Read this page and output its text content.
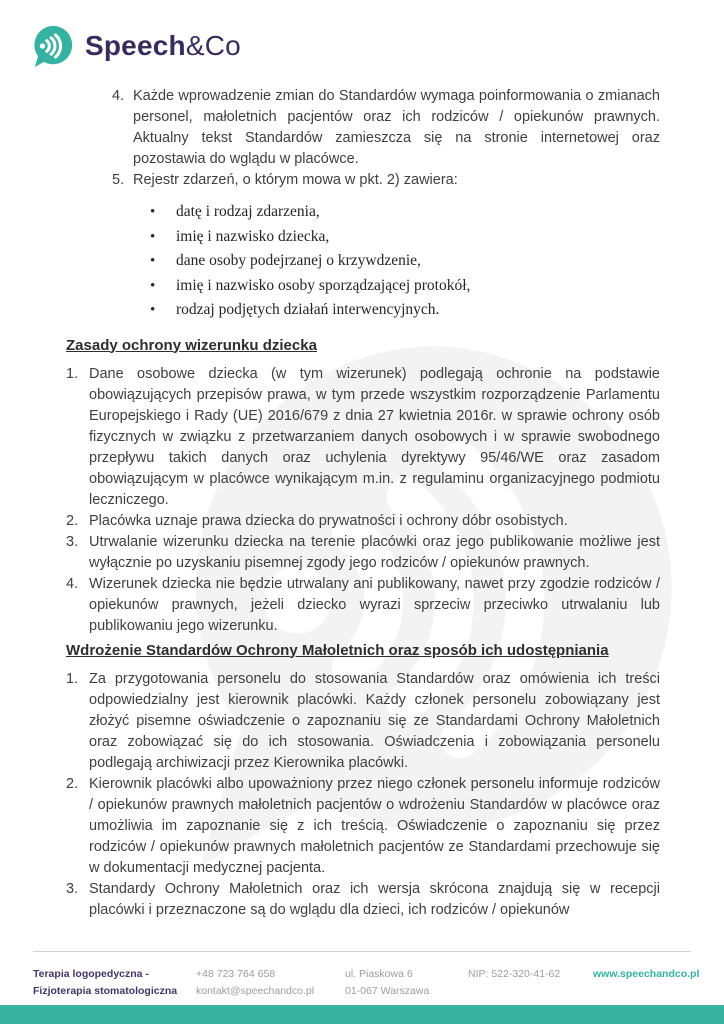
Speech&Co
4. Każde wprowadzenie zmian do Standardów wymaga poinformowania o zmianach personel, małoletnich pacjentów oraz ich rodziców / opiekunów prawnych. Aktualny tekst Standardów zamieszcza się na stronie internetowej oraz pozostawia do wglądu w placówce.
5. Rejestr zdarzeń, o którym mowa w pkt. 2) zawiera:
•
datę i rodzaj zdarzenia,
•
imię i nazwisko dziecka,
•
dane osoby podejrzanej o krzywdzenie,
•
imię i nazwisko osoby sporządzającej protokół,
•
rodzaj podjętych działań interwencyjnych.
Zasady ochrony wizerunku dziecka
1. Dane osobowe dziecka (w tym wizerunek) podlegają ochronie na podstawie obowiązujących przepisów prawa, w tym przede wszystkim rozporządzenie Parlamentu Europejskiego i Rady (UE) 2016/679 z dnia 27 kwietnia 2016r. w sprawie ochrony osób fizycznych w związku z przetwarzaniem danych osobowych i w sprawie swobodnego przepływu takich danych oraz uchylenia dyrektywy 95/46/WE oraz zasadom obowiązującym w placówce wynikającym m.in. z regulaminu organizacyjnego podmiotu leczniczego.
2. Placówka uznaje prawa dziecka do prywatności i ochrony dóbr osobistych.
3. Utrwalanie wizerunku dziecka na terenie placówki oraz jego publikowanie możliwe jest wyłącznie po uzyskaniu pisemnej zgody jego rodziców / opiekunów prawnych.
4. Wizerunek dziecka nie będzie utrwalany ani publikowany, nawet przy zgodzie rodziców / opiekunów prawnych, jeżeli dziecko wyrazi sprzeciw przeciwko utrwalaniu lub publikowaniu jego wizerunku.
Wdrożenie Standardów Ochrony Małoletnich oraz sposób ich udostępniania
1. Za przygotowania personelu do stosowania Standardów oraz omówienia ich treści odpowiedzialny jest kierownik placówki. Każdy członek personelu zobowiązany jest złożyć pisemne oświadczenie o zapoznaniu się ze Standardami Ochrony Małoletnich oraz zobowiązać się do ich stosowania. Oświadczenia i zobowiązania personelu podlegają archiwizacji przez Kierownika placówki.
2. Kierownik placówki albo upoważniony przez niego członek personelu informuje rodziców / opiekunów prawnych małoletnich pacjentów o wdrożeniu Standardów w placówce oraz umożliwia im zapoznanie się z ich treścią. Oświadczenie o zapoznaniu się przez rodziców / opiekunów prawnych małoletnich pacjentów ze Standardami przechowuje się w dokumentacji medycznej pacjenta.
3. Standardy Ochrony Małoletnich oraz ich wersja skrócona znajdują się w recepcji placówki i przeznaczone są do wglądu dla dzieci, ich rodziców / opiekunów
Terapia logopedyczna -
Fizjoterapia stomatologiczna
+48 723 764 658
kontakt@speechandco.pl
ul. Piaskowa 6
01-067 Warszawa
NIP: 522-320-41-62	www.speechandco.pl
